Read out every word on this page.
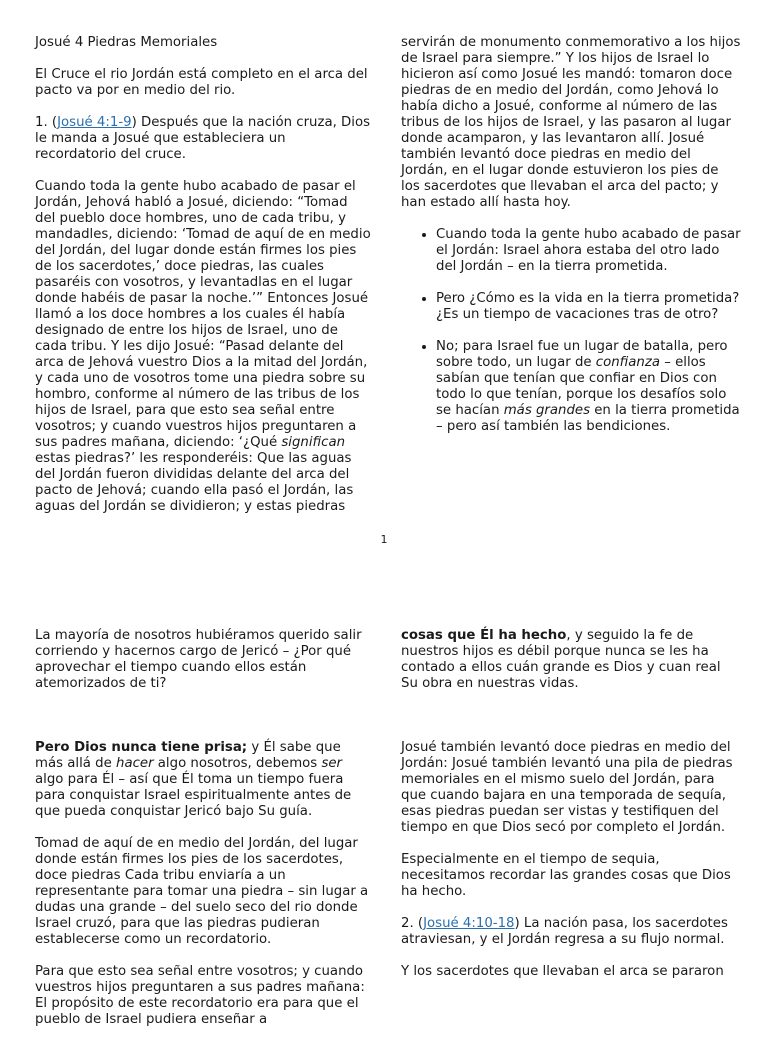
Josué 4 Piedras Memoriales

El Cruce el rio Jordán está completo en el arca del pacto va por en medio del rio.

1. (Josué 4:1-9) Después que la nación cruza, Dios le manda a Josué que estableciera un recordatorio del cruce.

Cuando toda la gente hubo acabado de pasar el Jordán, Jehová habló a Josué, diciendo: “Tomad del pueblo doce hombres, uno de cada tribu, y mandadles, diciendo: ‘Tomad de aquí de en medio del Jordán, del lugar donde están firmes los pies de los sacerdotes,’ doce piedras, las cuales pasaréis con vosotros, y levantadlas en el lugar donde habéis de pasar la noche.’” Entonces Josué llamó a los doce hombres a los cuales él había designado de entre los hijos de Israel, uno de cada tribu. Y les dijo Josué: “Pasad delante del arca de Jehová vuestro Dios a la mitad del Jordán, y cada uno de vosotros tome una piedra sobre su hombro, conforme al número de las tribus de los hijos de Israel, para que esto sea señal entre vosotros; y cuando vuestros hijos preguntaren a sus padres mañana, diciendo: ‘¿Qué significan estas piedras?’ les responderéis: Que las aguas del Jordán fueron divididas delante del arca del pacto de Jehová; cuando ella pasó el Jordán, las aguas del Jordán se dividieron; y estas piedras

servirán de monumento conmemorativo a los hijos de Israel para siempre.” Y los hijos de Israel lo hicieron así como Josué les mandó: tomaron doce piedras de en medio del Jordán, como Jehová lo había dicho a Josué, conforme al número de las tribus de los hijos de Israel, y las pasaron al lugar donde acamparon, y las levantaron allí. Josué también levantó doce piedras en medio del Jordán, en el lugar donde estuvieron los pies de los sacerdotes que llevaban el arca del pacto; y han estado allí hasta hoy.

• Cuando toda la gente hubo acabado de pasar el Jordán: Israel ahora estaba del otro lado del Jordán – en la tierra prometida.
• Pero ¿Cómo es la vida en la tierra prometida? ¿Es un tiempo de vacaciones tras de otro?
• No; para Israel fue un lugar de batalla, pero sobre todo, un lugar de confianza – ellos sabían que tenían que confiar en Dios con todo lo que tenían, porque los desafíos solo se hacían más grandes en la tierra prometida – pero así también las bendiciones.
1

La mayoría de nosotros hubiéramos querido salir corriendo y hacernos cargo de Jericó – ¿Por qué aprovechar el tiempo cuando ellos están atemorizados de ti?

Pero Dios nunca tiene prisa; y Él sabe que más allá de hacer algo nosotros, debemos ser algo para Él – así que Él toma un tiempo fuera para conquistar Israel espiritualmente antes de que pueda conquistar Jericó bajo Su guía.

Tomad de aquí de en medio del Jordán, del lugar donde están firmes los pies de los sacerdotes, doce piedras Cada tribu enviaría a un representante para tomar una piedra – sin lugar a dudas una grande – del suelo seco del rio donde Israel cruzó, para que las piedras pudieran establecerse como un recordatorio.

Para que esto sea señal entre vosotros; y cuando vuestros hijos preguntaren a sus padres mañana: El propósito de este recordatorio era para que el pueblo de Israel pudiera enseñar a

cosas que Él ha hecho, y seguido la fe de nuestros hijos es débil porque nunca se les ha contado a ellos cuán grande es Dios y cuan real Su obra en nuestras vidas.

Josué también levantó doce piedras en medio del Jordán: Josué también levantó una pila de piedras memoriales en el mismo suelo del Jordán, para que cuando bajara en una temporada de sequía, esas piedras puedan ser vistas y testifiquen del tiempo en que Dios secó por completo el Jordán.

Especialmente en el tiempo de sequia, necesitamos recordar las grandes cosas que Dios ha hecho.

2. (Josué 4:10-18) La nación pasa, los sacerdotes atraviesan, y el Jordán regresa a su flujo normal.

Y los sacerdotes que llevaban el arca se pararon
